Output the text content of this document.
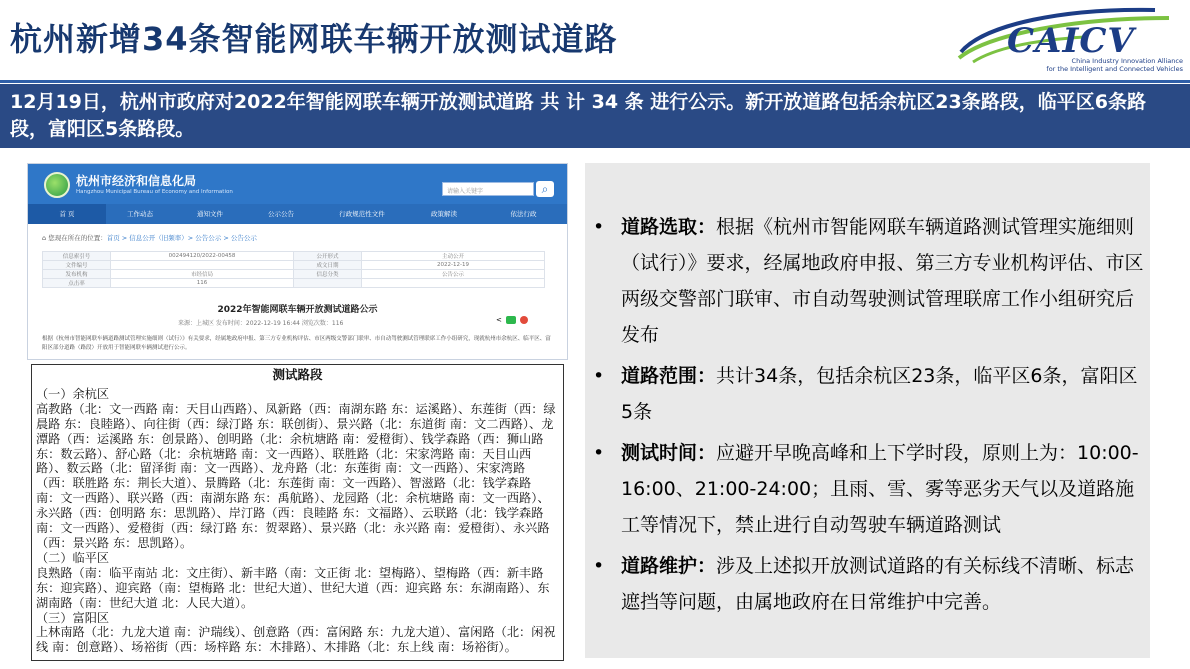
杭州新增34条智能网联车辆开放测试道路	CAICV
China Industry Innovation Alliance
for the Intelligent and Connected Vehicles
12月19日，杭州市政府对2022年智能网联车辆开放测试道路 共 计 34 条 进行公示。新开放道路包括余杭区23条路段，临平区6条路段，富阳区5条路段。
杭州市经济和信息化局
Hangzhou Municipal Bureau of Economy and Information	请输入关键字	⌕
首 页	工作动态	通知文件	公示公告	行政规范性文件	政策解读	依法行政
⌂ 您现在所在的位置：首页 > 信息公开（旧频率）> 公告公示 > 公告公示
信息索引号	002494120/2022-00458	公开形式	主动公开
文件编号		成文日期	2022-12-19
发布机构	市经信局	信息分类	公告公示
点击率	116		
2022年智能网联车辆开放测试道路公示
来源：上城区 发布时间：2022-12-19 16:44 浏览次数：116	<
根据《杭州市智能网联车辆道路测试管理实施细则（试行）》有关要求，经属地政府申报、第三方专业机构评估、市区两级交警部门联审、市自动驾驶测试管理联席工作小组研究，现就杭州市余杭区、临平区、富阳区部分道路（路段）开放用于智能网联车辆测试进行公示。
测试路段
（一）余杭区
高教路（北：文一西路 南：天目山西路）、凤新路（西：南湖东路 东：运溪路）、东莲街（西：绿晨路 东：良睦路）、向往街（西：绿汀路 东：联创街）、景兴路（北：东道街 南：文二西路）、龙潭路（西：运溪路 东：创景路）、创明路（北：余杭塘路 南：爱橙街）、钱学森路（西：狮山路 东：数云路）、舒心路（北：余杭塘路 南：文一西路）、联胜路（北：宋家湾路 南：天目山西路）、数云路（北：留泽街 南：文一西路）、龙舟路（北：东莲街 南：文一西路）、宋家湾路（西：联胜路 东：荆长大道）、景腾路（北：东莲街 南：文一西路）、智滋路（北：钱学森路 南：文一西路）、联兴路（西：南湖东路 东：禹航路）、龙园路（北：余杭塘路 南：文一西路）、永兴路（西：创明路 东：思凯路）、岸汀路（西：良睦路 东：文福路）、云联路（北：钱学森路 南：文一西路）、爱橙街（西：绿汀路 东：贺翠路）、景兴路（北：永兴路 南：爱橙街）、永兴路（西：景兴路 东：思凯路）。
（二）临平区
良熟路（南：临平南站 北：文庄街）、新丰路（南：文正街 北：望梅路）、望梅路（西：新丰路 东：迎宾路）、迎宾路（南：望梅路 北：世纪大道）、世纪大道（西：迎宾路 东：东湖南路）、东湖南路（南：世纪大道 北：人民大道）。
（三）富阳区
上林南路（北：九龙大道 南：沪瑞线）、创意路（西：富闲路 东：九龙大道）、富闲路（北：闲祝线 南：创意路）、场裕街（西：场梓路 东：木排路）、木排路（北：东上线 南：场裕街）。
• 道路选取：根据《杭州市智能网联车辆道路测试管理实施细则（试行）》要求，经属地政府申报、第三方专业机构评估、市区两级交警部门联审、市自动驾驶测试管理联席工作小组研究后发布
• 道路范围：共计34条，包括余杭区23条，临平区6条，富阳区5条
• 测试时间：应避开早晚高峰和上下学时段，原则上为：10:00-16:00、21:00-24:00；且雨、雪、雾等恶劣天气以及道路施工等情况下，禁止进行自动驾驶车辆道路测试
• 道路维护：涉及上述拟开放测试道路的有关标线不清晰、标志遮挡等问题，由属地政府在日常维护中完善。
